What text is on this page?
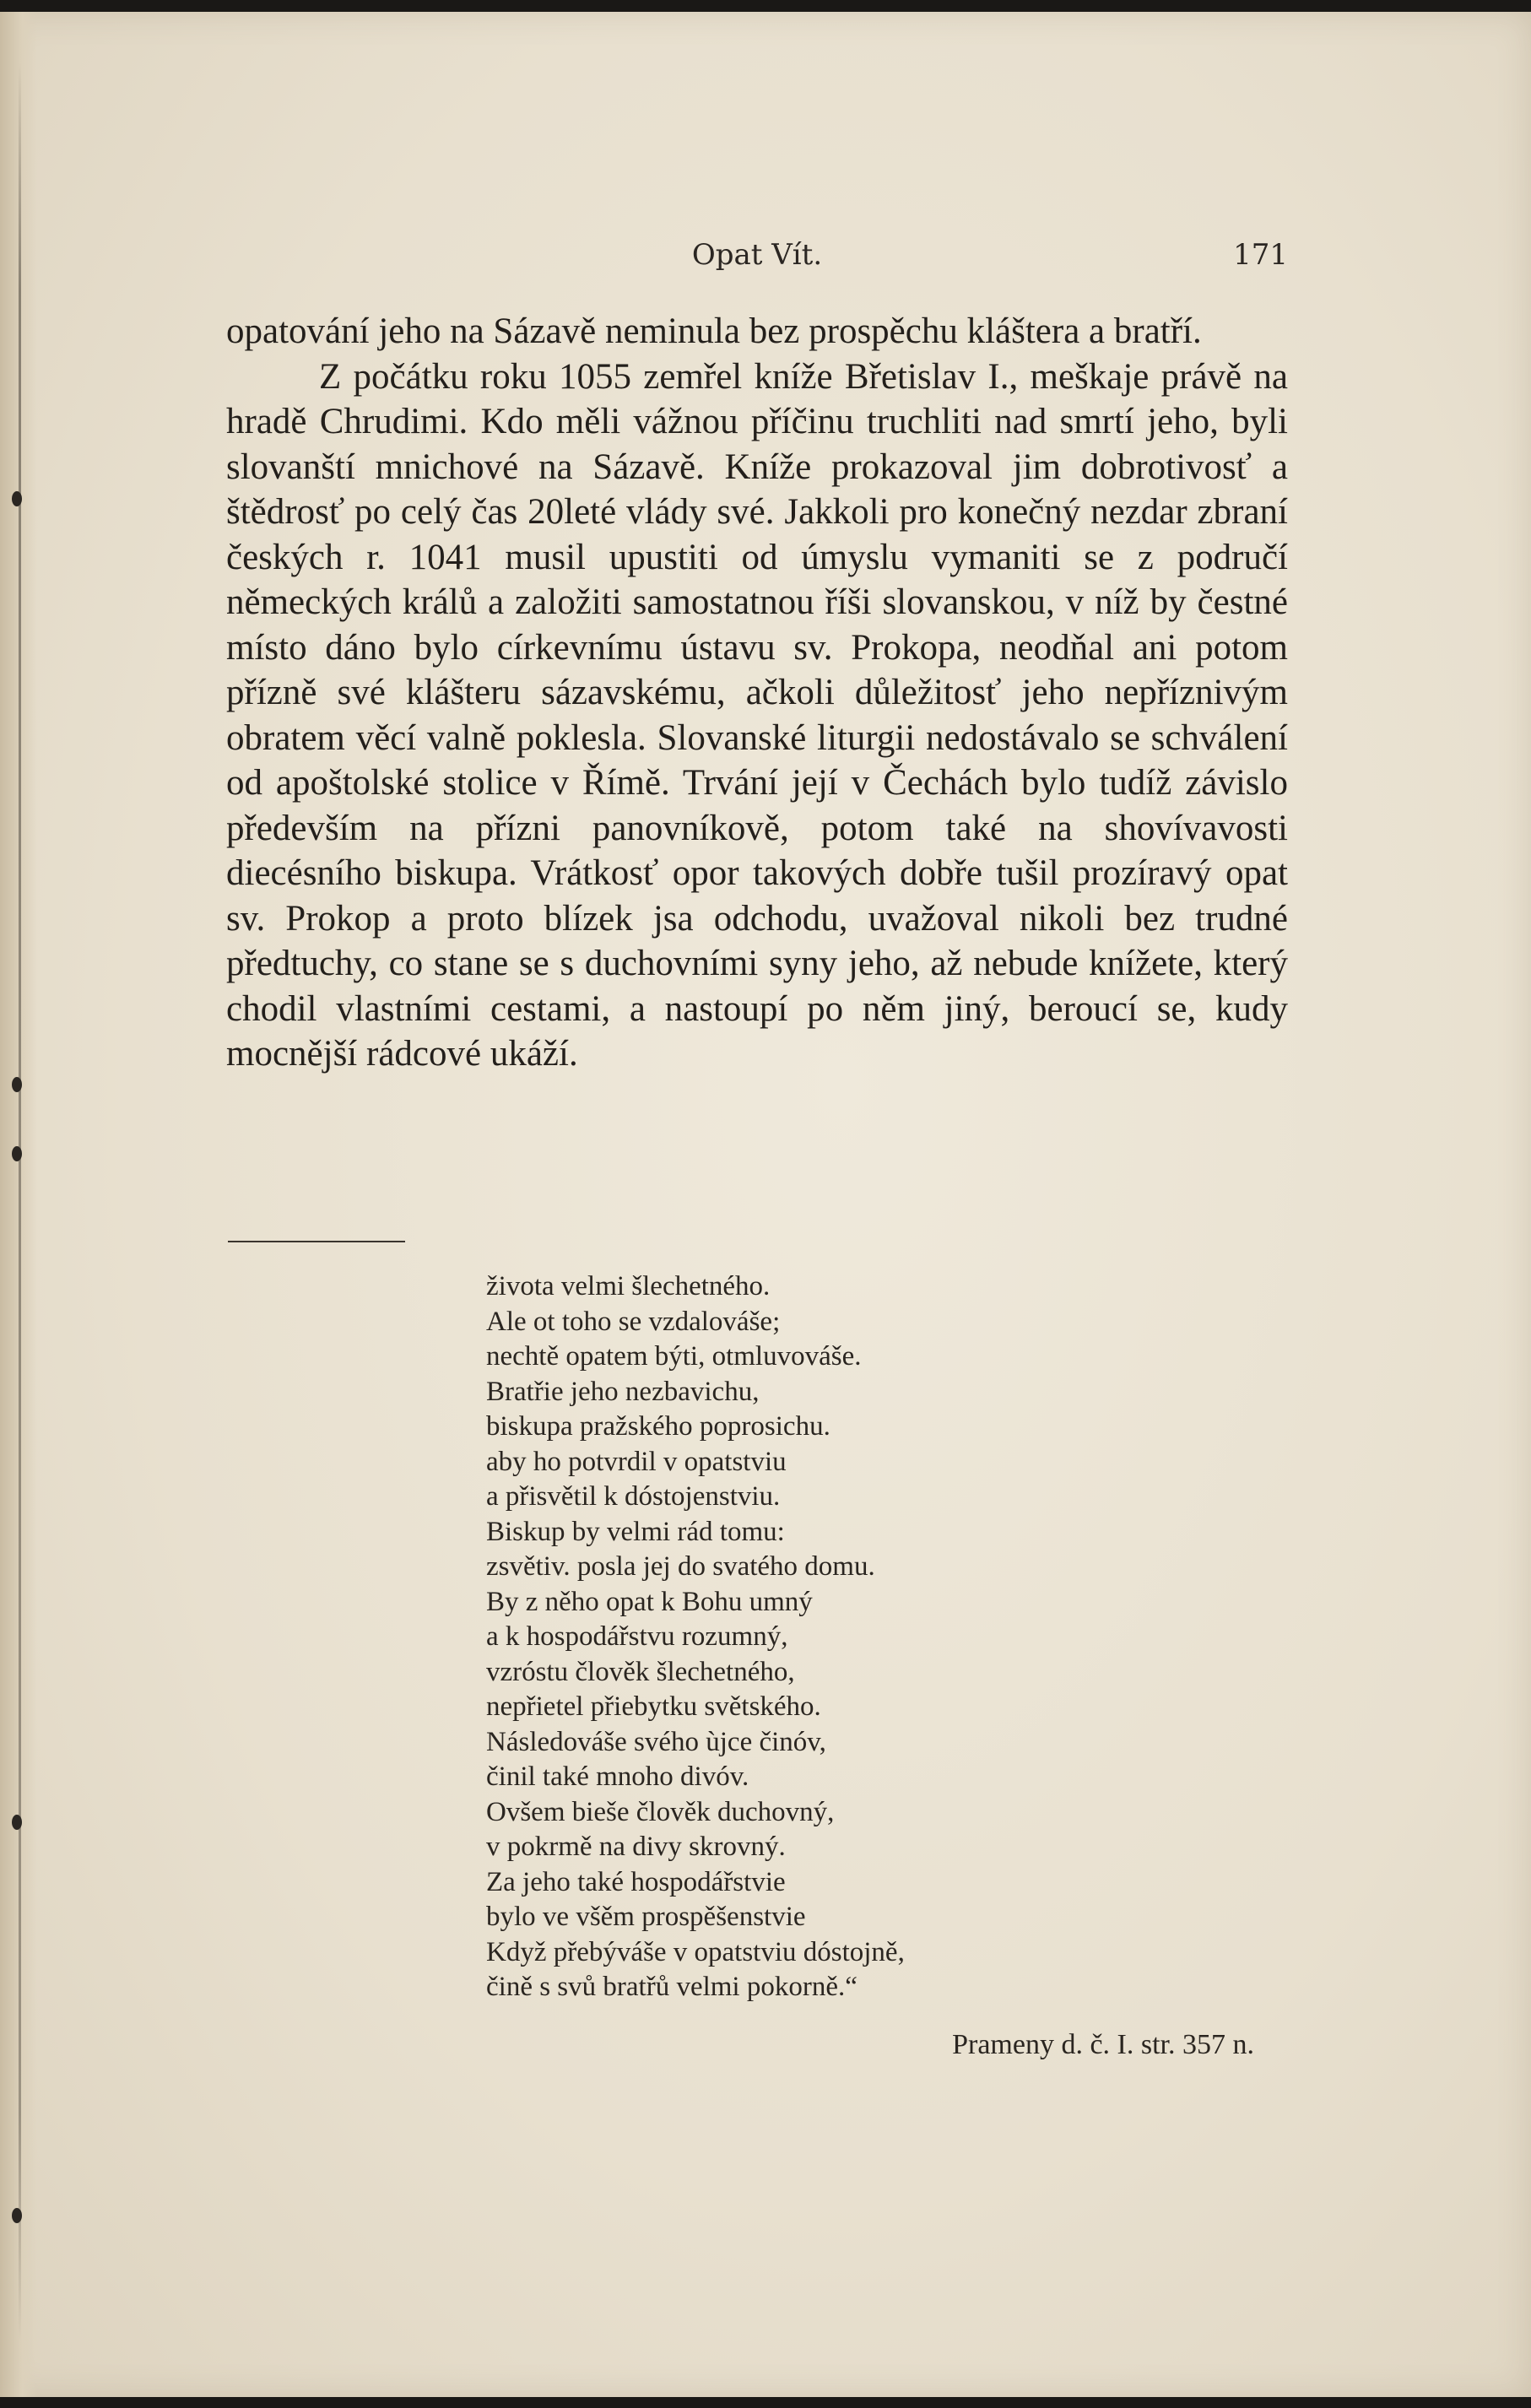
Opat Vít.	171

opatování jeho na Sázavě neminula bez prospěchu kláštera a bratří.

Z počátku roku 1055 zemřel kníže Břetislav I., meškaje právě na hradě Chrudimi. Kdo měli vážnou příčinu truchliti nad smrtí jeho, byli slovanští mnichové na Sázavě. Kníže prokazoval jim dobrotivosť a štědrosť po celý čas 20leté vlády své. Jakkoli pro konečný nezdar zbraní českých r. 1041 musil upustiti od úmyslu vymaniti se z područí německých králů a založiti samostatnou říši slovanskou, v níž by čestné místo dáno bylo církevnímu ústavu sv. Prokopa, neodňal ani potom přízně své klášteru sázavskému, ačkoli důležitosť jeho nepříznivým obratem věcí valně poklesla. Slovanské liturgii nedostávalo se schválení od apoštolské stolice v Římě. Trvání její v Čechách bylo tudíž závislo především na přízni panovníkově, potom také na shovívavosti diecésního biskupa. Vrátkosť opor takových dobře tušil prozíravý opat sv. Prokop a proto blízek jsa odchodu, uvažoval nikoli bez trudné předtuchy, co stane se s duchovními syny jeho, až nebude knížete, který chodil vlastními cestami, a nastoupí po něm jiný, beroucí se, kudy mocnější rádcové ukáží.

života velmi šlechetného.
Ale ot toho se vzdalováše;
nechtě opatem býti, otmluvováše.
Bratřie jeho nezbavichu,
biskupa pražského poprosichu.
aby ho potvrdil v opatstviu
a přisvětil k dóstojenstviu.
Biskup by velmi rád tomu:
zsvětiv. posla jej do svatého domu.
By z něho opat k Bohu umný
a k hospodářstvu rozumný,
vzróstu člověk šlechetného,
nepřietel přiebytku světského.
Následováše svého ùjce činóv,
činil také mnoho divóv.
Ovšem bieše člověk duchovný,
v pokrmě na divy skrovný.
Za jeho také hospodářstvie
bylo ve všěm prospěšenstvie
Když přebýváše v opatstviu dóstojně,
čině s svů bratřů velmi pokorně.“
Prameny d. č. I. str. 357 n.
